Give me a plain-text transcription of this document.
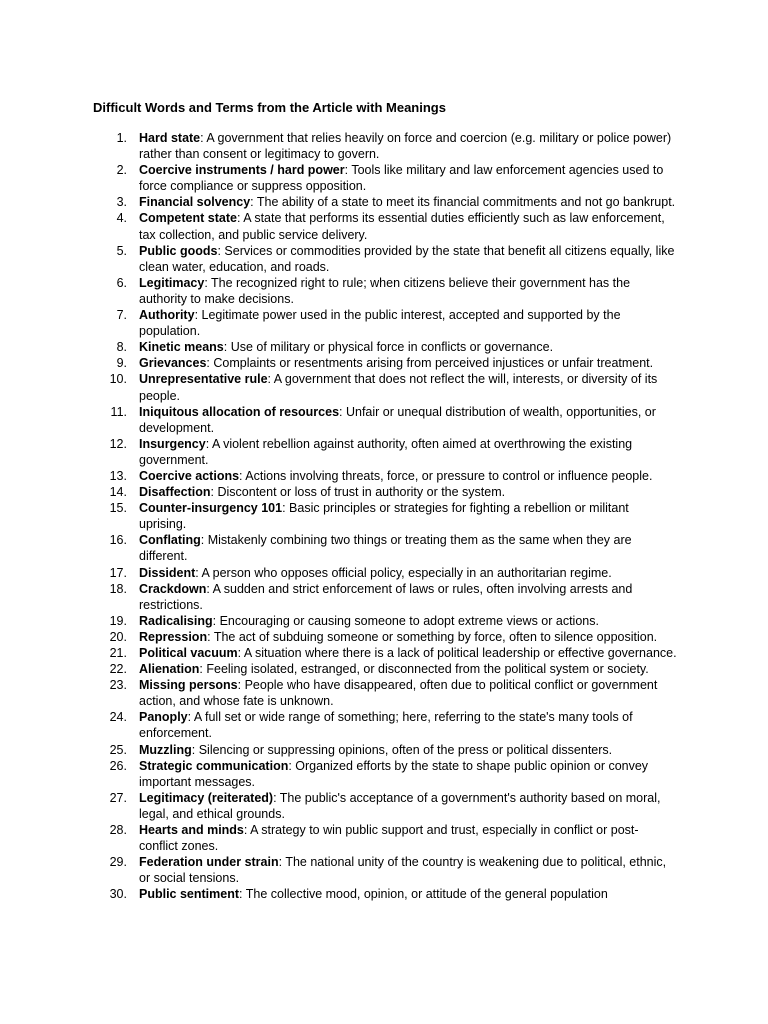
Difficult Words and Terms from the Article with Meanings
1. Hard state: A government that relies heavily on force and coercion (e.g. military or police power) rather than consent or legitimacy to govern.
2. Coercive instruments / hard power: Tools like military and law enforcement agencies used to force compliance or suppress opposition.
3. Financial solvency: The ability of a state to meet its financial commitments and not go bankrupt.
4. Competent state: A state that performs its essential duties efficiently such as law enforcement, tax collection, and public service delivery.
5. Public goods: Services or commodities provided by the state that benefit all citizens equally, like clean water, education, and roads.
6. Legitimacy: The recognized right to rule; when citizens believe their government has the authority to make decisions.
7. Authority: Legitimate power used in the public interest, accepted and supported by the population.
8. Kinetic means: Use of military or physical force in conflicts or governance.
9. Grievances: Complaints or resentments arising from perceived injustices or unfair treatment.
10. Unrepresentative rule: A government that does not reflect the will, interests, or diversity of its people.
11. Iniquitous allocation of resources: Unfair or unequal distribution of wealth, opportunities, or development.
12. Insurgency: A violent rebellion against authority, often aimed at overthrowing the existing government.
13. Coercive actions: Actions involving threats, force, or pressure to control or influence people.
14. Disaffection: Discontent or loss of trust in authority or the system.
15. Counter-insurgency 101: Basic principles or strategies for fighting a rebellion or militant uprising.
16. Conflating: Mistakenly combining two things or treating them as the same when they are different.
17. Dissident: A person who opposes official policy, especially in an authoritarian regime.
18. Crackdown: A sudden and strict enforcement of laws or rules, often involving arrests and restrictions.
19. Radicalising: Encouraging or causing someone to adopt extreme views or actions.
20. Repression: The act of subduing someone or something by force, often to silence opposition.
21. Political vacuum: A situation where there is a lack of political leadership or effective governance.
22. Alienation: Feeling isolated, estranged, or disconnected from the political system or society.
23. Missing persons: People who have disappeared, often due to political conflict or government action, and whose fate is unknown.
24. Panoply: A full set or wide range of something; here, referring to the state's many tools of enforcement.
25. Muzzling: Silencing or suppressing opinions, often of the press or political dissenters.
26. Strategic communication: Organized efforts by the state to shape public opinion or convey important messages.
27. Legitimacy (reiterated): The public's acceptance of a government's authority based on moral, legal, and ethical grounds.
28. Hearts and minds: A strategy to win public support and trust, especially in conflict or post-conflict zones.
29. Federation under strain: The national unity of the country is weakening due to political, ethnic, or social tensions.
30. Public sentiment: The collective mood, opinion, or attitude of the general population
